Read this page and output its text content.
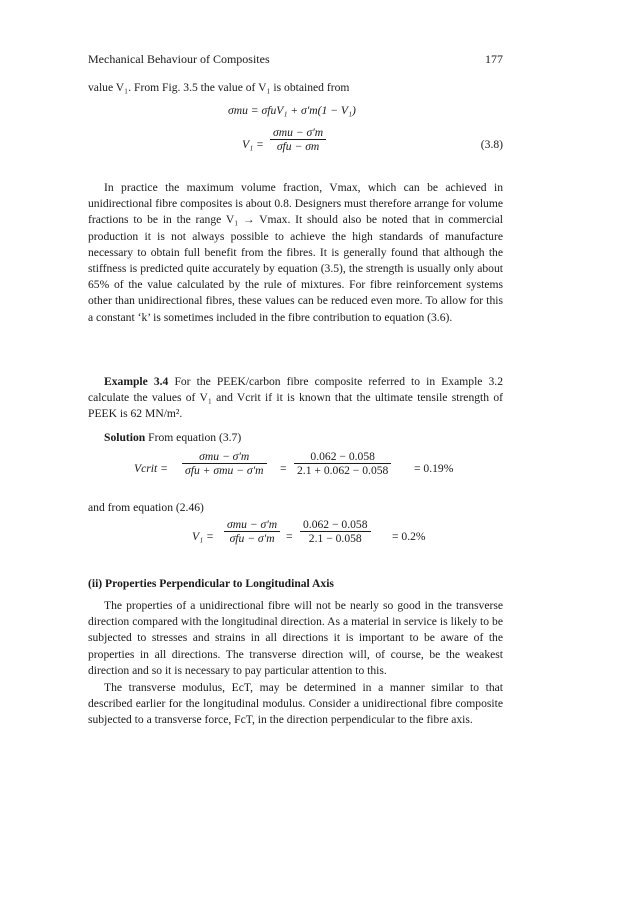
Mechanical Behaviour of Composites	177

value V₁. From Fig. 3.5 the value of V₁ is obtained from

σmu = σfuV₁ + σ′m(1 − V₁)
$V_1 = \frac{\text{σmu − σ′m}}{\text{σfu − σm}}$	(3.8)

In practice the maximum volume fraction, Vmax, which can be achieved in unidirectional fibre composites is about 0.8. Designers must therefore arrange for volume fractions to be in the range V₁ → Vmax. It should also be noted that in commercial production it is not always possible to achieve the high standards of manufacture necessary to obtain full benefit from the fibres. It is generally found that although the stiffness is predicted quite accurately by equation (3.5), the strength is usually only about 65% of the value calculated by the rule of mixtures. For fibre reinforcement systems other than unidirectional fibres, these values can be reduced even more. To allow for this a constant ‘k’ is sometimes included in the fibre contribution to equation (3.6).

Example 3.4 For the PEEK/carbon fibre composite referred to in Example 3.2 calculate the values of V₁ and Vcrit if it is known that the ultimate tensile strength of PEEK is 62 MN/m².

Solution From equation (3.7)

Vcrit = $\frac{\text{σmu − σ′m}}{\text{σfu + σmu − σ′m}} = \frac{0.062 - 0.058}{2.1 + 0.062 - 0.058} = 0.19\%$

and from equation (2.46)

$V_1 = \frac{\text{σmu − σ′m}}{\text{σfu − σ′m}} = \frac{0.062 - 0.058}{2.1 - 0.058} = 0.2\%$

(ii) Properties Perpendicular to Longitudinal Axis

The properties of a unidirectional fibre will not be nearly so good in the transverse direction compared with the longitudinal direction. As a material in service is likely to be subjected to stresses and strains in all directions it is important to be aware of the properties in all directions. The transverse direction will, of course, be the weakest direction and so it is necessary to pay particular attention to this.

The transverse modulus, EcT, may be determined in a manner similar to that described earlier for the longitudinal modulus. Consider a unidirectional fibre composite subjected to a transverse force, FcT, in the direction perpendicular to the fibre axis.
